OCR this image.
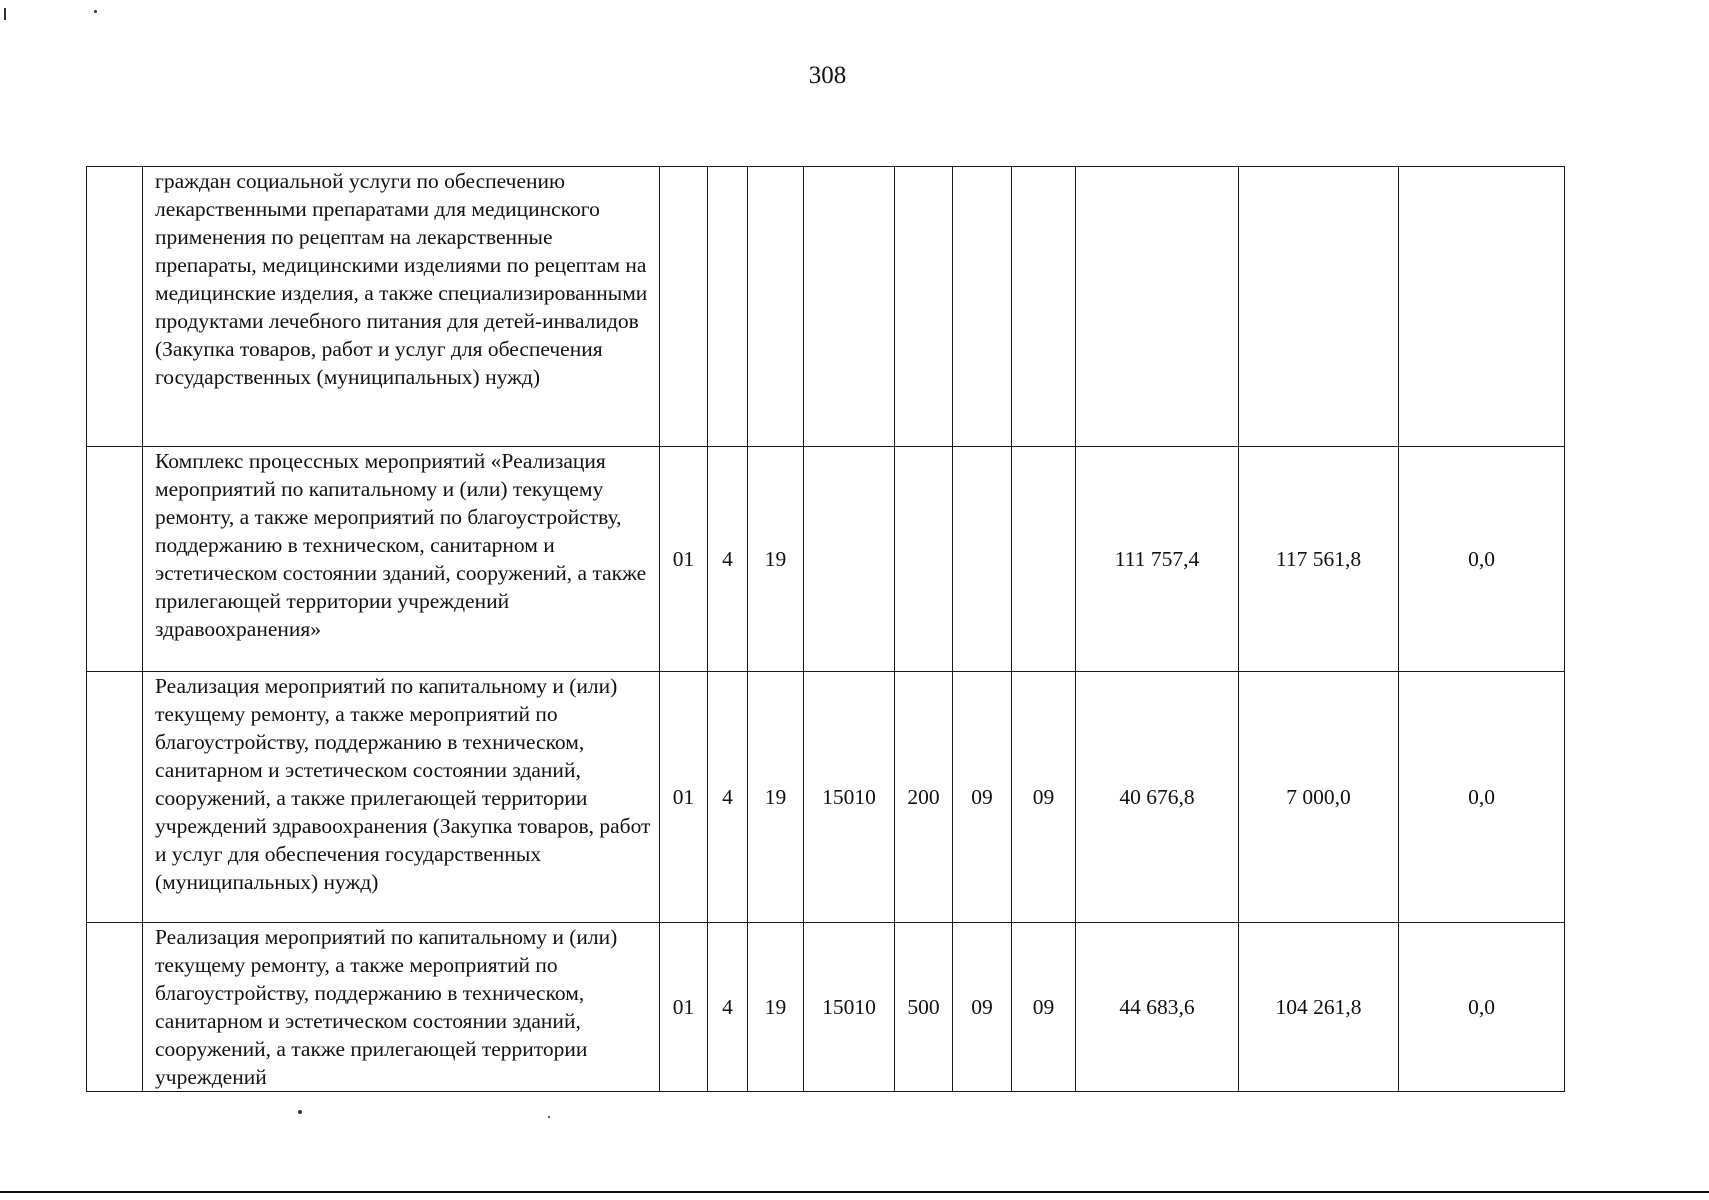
308
	граждан социальной услуги по обеспечению лекарственными препаратами для медицинского применения по рецептам на лекарственные препараты, медицинскими изделиями по рецептам на медицинские изделия, а также специализированными продуктами лечебного питания для детей-инвалидов (Закупка товаров, работ и услуг для обеспечения государственных (муниципальных) нужд)										
	Комплекс процессных мероприятий «Реализация мероприятий по капитальному и (или) текущему ремонту, а также мероприятий по благоустройству, поддержанию в техническом, санитарном и эстетическом состоянии зданий, сооружений, а также прилегающей территории учреждений здравоохранения»	01	4	19					111 757,4	117 561,8	0,0
	Реализация мероприятий по капитальному и (или) текущему ремонту, а также мероприятий по благоустройству, поддержанию в техническом, санитарном и эстетическом состоянии зданий, сооружений, а также прилегающей территории учреждений здравоохранения (Закупка товаров, работ и услуг для обеспечения государственных (муниципальных) нужд)	01	4	19	15010	200	09	09	40 676,8	7 000,0	0,0
	Реализация мероприятий по капитальному и (или) текущему ремонту, а также мероприятий по благоустройству, поддержанию в техническом, санитарном и эстетическом состоянии зданий, сооружений, а также прилегающей территории учреждений	01	4	19	15010	500	09	09	44 683,6	104 261,8	0,0
